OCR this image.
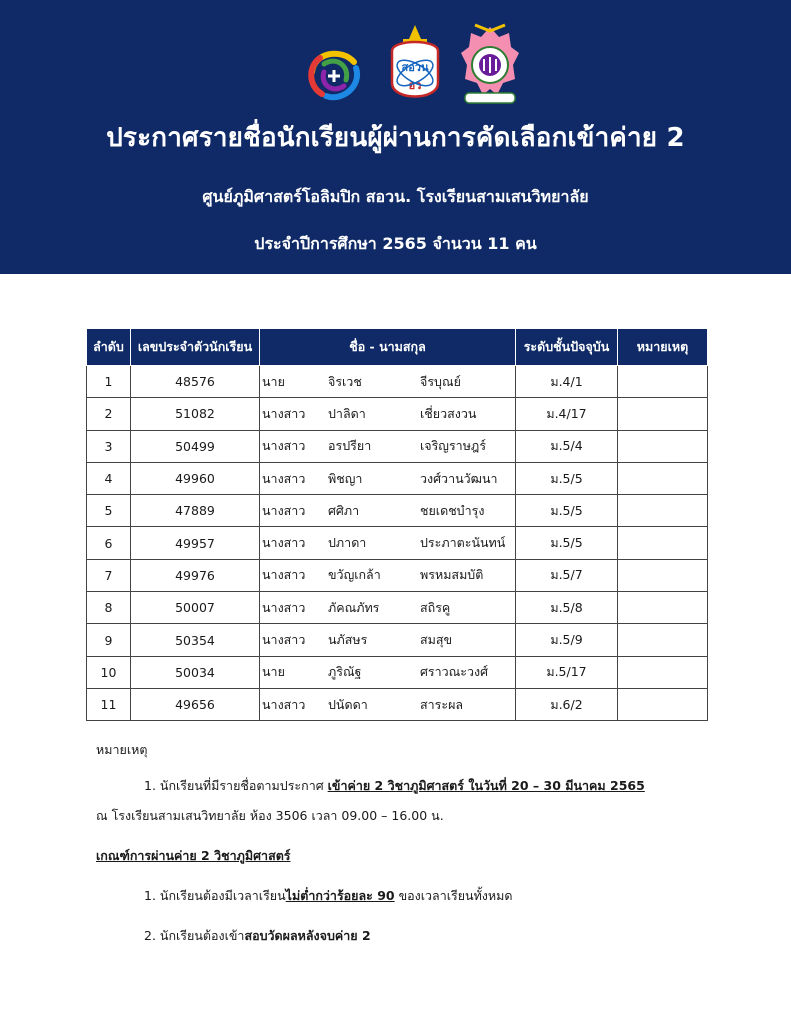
สอวน
อว
ประกาศรายชื่อนักเรียนผู้ผ่านการคัดเลือกเข้าค่าย 2
ศูนย์ภูมิศาสตร์โอลิมปิก สอวน. โรงเรียนสามเสนวิทยาลัย
ประจำปีการศึกษา 2565 จำนวน 11 คน
ลำดับ	เลขประจำตัวนักเรียน	ชื่อ - นามสกุล	ระดับชั้นปัจจุบัน	หมายเหตุ
1	48576	นาย จิรเวช จีรบุณย์	ม.4/1	
2	51082	นางสาว ปาลิดา เชี่ยวสงวน	ม.4/17	
3	50499	นางสาว อรปรียา เจริญราษฎร์	ม.5/4	
4	49960	นางสาว พิชญา วงศ์วานวัฒนา	ม.5/5	
5	47889	นางสาว ศศิภา ชยเดชบำรุง	ม.5/5	
6	49957	นางสาว ปภาดา ประภาตะนันทน์	ม.5/5	
7	49976	นางสาว ขวัญเกล้า พรหมสมบัติ	ม.5/7	
8	50007	นางสาว ภัคณภัทร สถิรคู	ม.5/8	
9	50354	นางสาว นภัสษร สมสุข	ม.5/9	
10	50034	นาย ภูริณัฐ ศราวณะวงศ์	ม.5/17	
11	49656	นางสาว ปนัดดา สาระผล	ม.6/2	
หมายเหตุ
1. นักเรียนที่มีรายชื่อตามประกาศ เข้าค่าย 2 วิชาภูมิศาสตร์ ในวันที่ 20 – 30 มีนาคม 2565
ณ โรงเรียนสามเสนวิทยาลัย ห้อง 3506 เวลา 09.00 – 16.00 น.
เกณฑ์การผ่านค่าย 2 วิชาภูมิศาสตร์
1. นักเรียนต้องมีเวลาเรียนไม่ต่ำกว่าร้อยละ 90 ของเวลาเรียนทั้งหมด
2. นักเรียนต้องเข้าสอบวัดผลหลังจบค่าย 2
